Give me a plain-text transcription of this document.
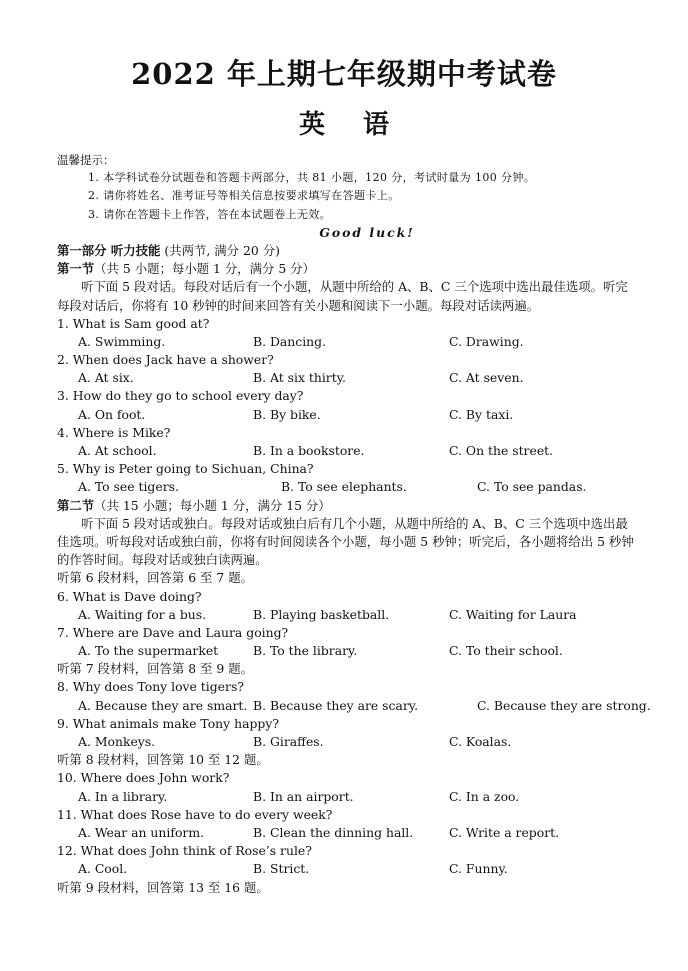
2022 年上期七年级期中考试卷
英语
温馨提示：
1. 本学科试卷分试题卷和答题卡两部分，共 81 小题，120 分，考试时量为 100 分钟。
2. 请你将姓名、准考证号等相关信息按要求填写在答题卡上。
3. 请你在答题卡上作答，答在本试题卷上无效。
Good luck!
第一部分 听力技能 (共两节, 满分 20 分)
第一节（共 5 小题；每小题 1 分，满分 5 分）
听下面 5 段对话。每段对话后有一个小题，从题中所给的 A、B、C 三个选项中选出最佳选项。听完每段对话后，你将有 10 秒钟的时间来回答有关小题和阅读下一小题。每段对话读两遍。
1. What is Sam good at?
A. Swimming.	B. Dancing.	C. Drawing.
2. When does Jack have a shower?
A. At six.	B. At six thirty.	C. At seven.
3. How do they go to school every day?
A. On foot.	B. By bike.	C. By taxi.
4. Where is Mike?
A. At school.	B. In a bookstore.	C. On the street.
5. Why is Peter going to Sichuan, China?
A. To see tigers.	B. To see elephants.	C. To see pandas.
第二节（共 15 小题；每小题 1 分，满分 15 分）
听下面 5 段对话或独白。每段对话或独白后有几个小题，从题中所给的 A、B、C 三个选项中选出最佳选项。听每段对话或独白前，你将有时间阅读各个小题，每小题 5 秒钟；听完后，各小题将给出 5 秒钟的作答时间。每段对话或独白读两遍。
听第 6 段材料，回答第 6 至 7 题。
6. What is Dave doing?
A. Waiting for a bus.	B. Playing basketball.	C. Waiting for Laura
7. Where are Dave and Laura going?
A. To the supermarket	B. To the library.	C. To their school.
听第 7 段材料，回答第 8 至 9 题。
8. Why does Tony love tigers?
A. Because they are smart. B. Because they are scary.	C. Because they are strong.
9. What animals make Tony happy?
A. Monkeys.	B. Giraffes.	C. Koalas.
听第 8 段材料，回答第 10 至 12 题。
10. Where does John work?
A. In a library.	B. In an airport.	C. In a zoo.
11. What does Rose have to do every week?
A. Wear an uniform.	B. Clean the dinning hall.	C. Write a report.
12. What does John think of Rose’s rule?
A. Cool.	B. Strict.	C. Funny.
听第 9 段材料，回答第 13 至 16 题。
